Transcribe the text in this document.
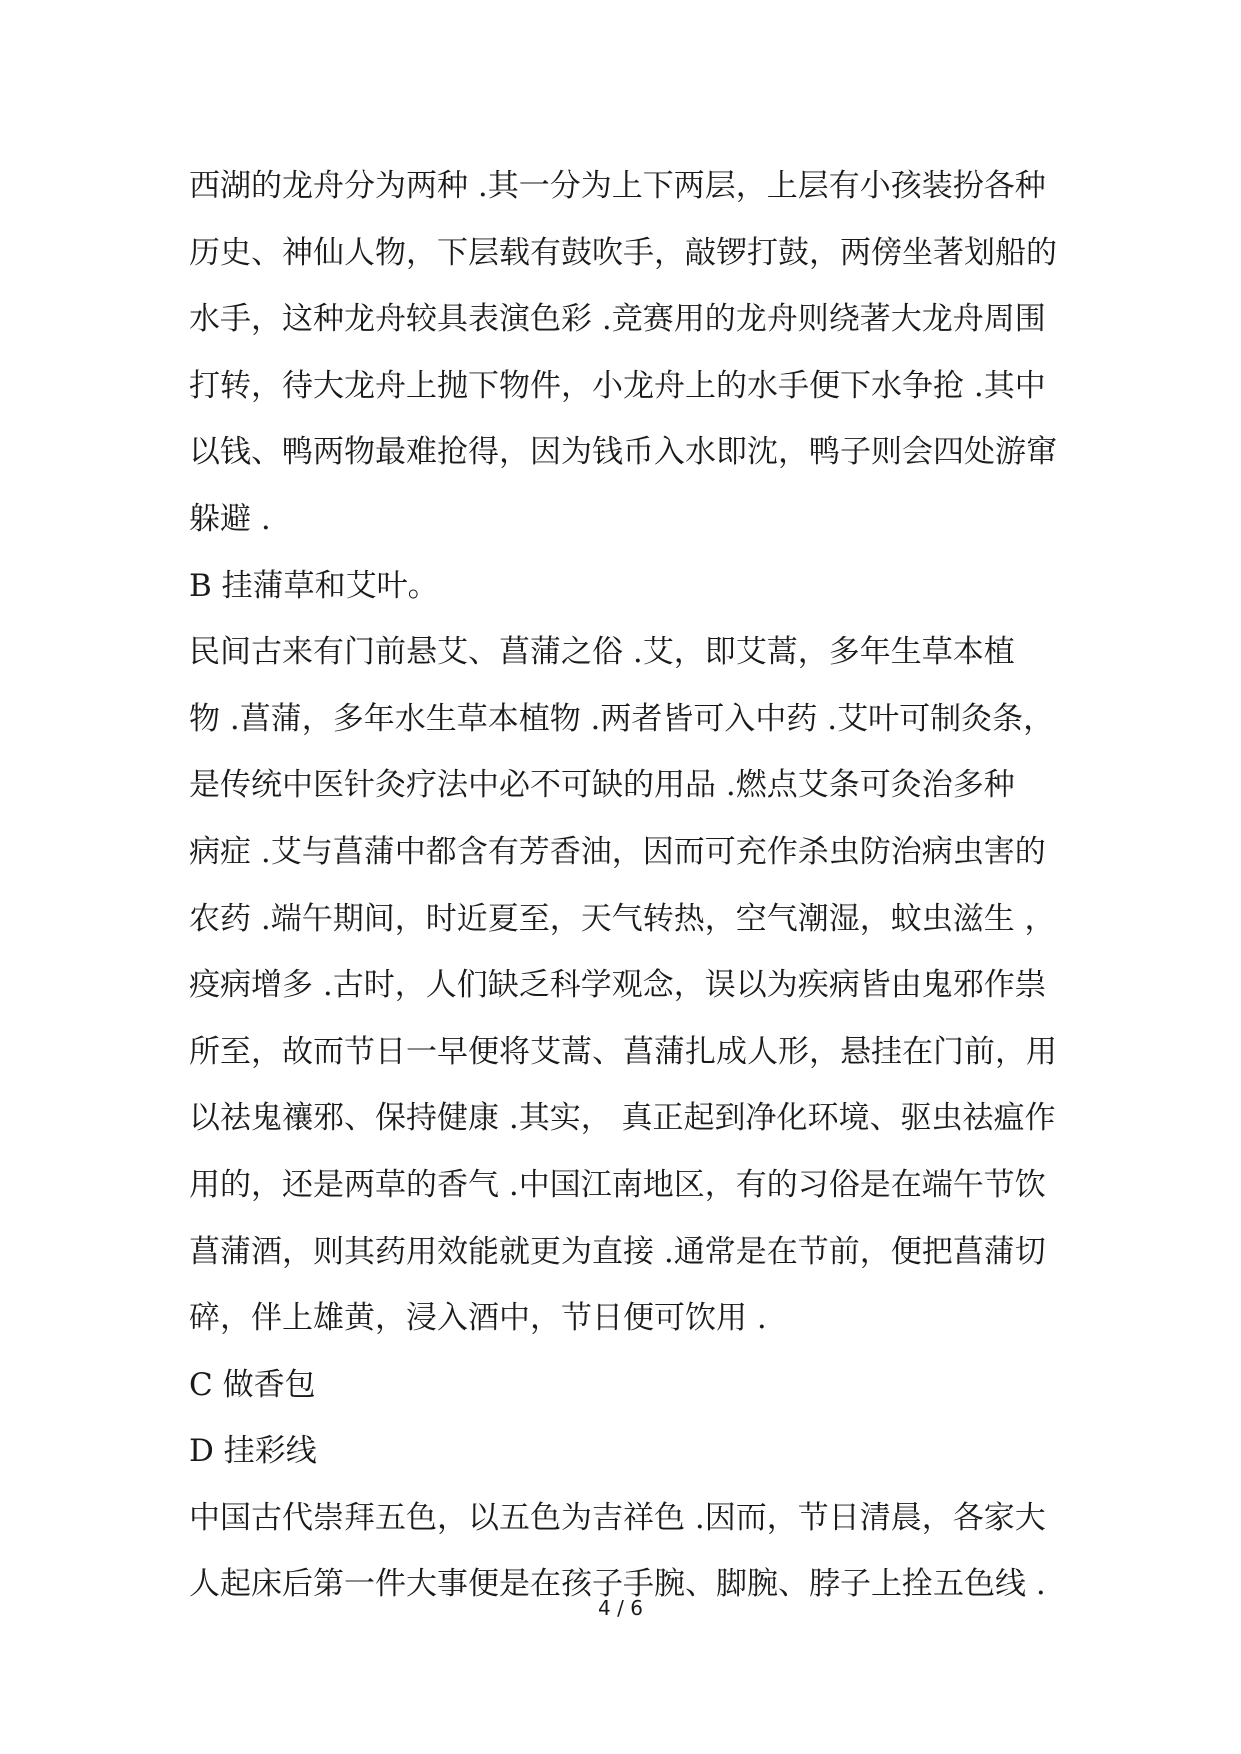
西湖的龙舟分为两种 .其一分为上下两层，上层有小孩装扮各种
历史、神仙人物，下层载有鼓吹手，敲锣打鼓，两傍坐著划船的
水手，这种龙舟较具表演色彩 .竞赛用的龙舟则绕著大龙舟周围
打转，待大龙舟上抛下物件，小龙舟上的水手便下水争抢 .其中
以钱、鸭两物最难抢得，因为钱币入水即沈，鸭子则会四处游窜
躲避 .
B 挂蒲草和艾叶。
民间古来有门前悬艾、菖蒲之俗 .艾，即艾蒿，多年生草本植
物 .菖蒲，多年水生草本植物 .两者皆可入中药 .艾叶可制灸条，
是传统中医针灸疗法中必不可缺的用品 .燃点艾条可灸治多种
病症 .艾与菖蒲中都含有芳香油，因而可充作杀虫防治病虫害的
农药 .端午期间，时近夏至，天气转热，空气潮湿，蚊虫滋生 ，
疫病增多 .古时，人们缺乏科学观念，误以为疾病皆由鬼邪作祟
所至，故而节日一早便将艾蒿、菖蒲扎成人形，悬挂在门前，用
以祛鬼禳邪、保持健康 .其实， 真正起到净化环境、驱虫祛瘟作
用的，还是两草的香气 .中国江南地区，有的习俗是在端午节饮
菖蒲酒，则其药用效能就更为直接 .通常是在节前，便把菖蒲切
碎，伴上雄黄，浸入酒中，节日便可饮用 .
C 做香包
D 挂彩线
中国古代崇拜五色，以五色为吉祥色 .因而，节日清晨，各家大
人起床后第一件大事便是在孩子手腕、脚腕、脖子上拴五色线 .
4 / 6
